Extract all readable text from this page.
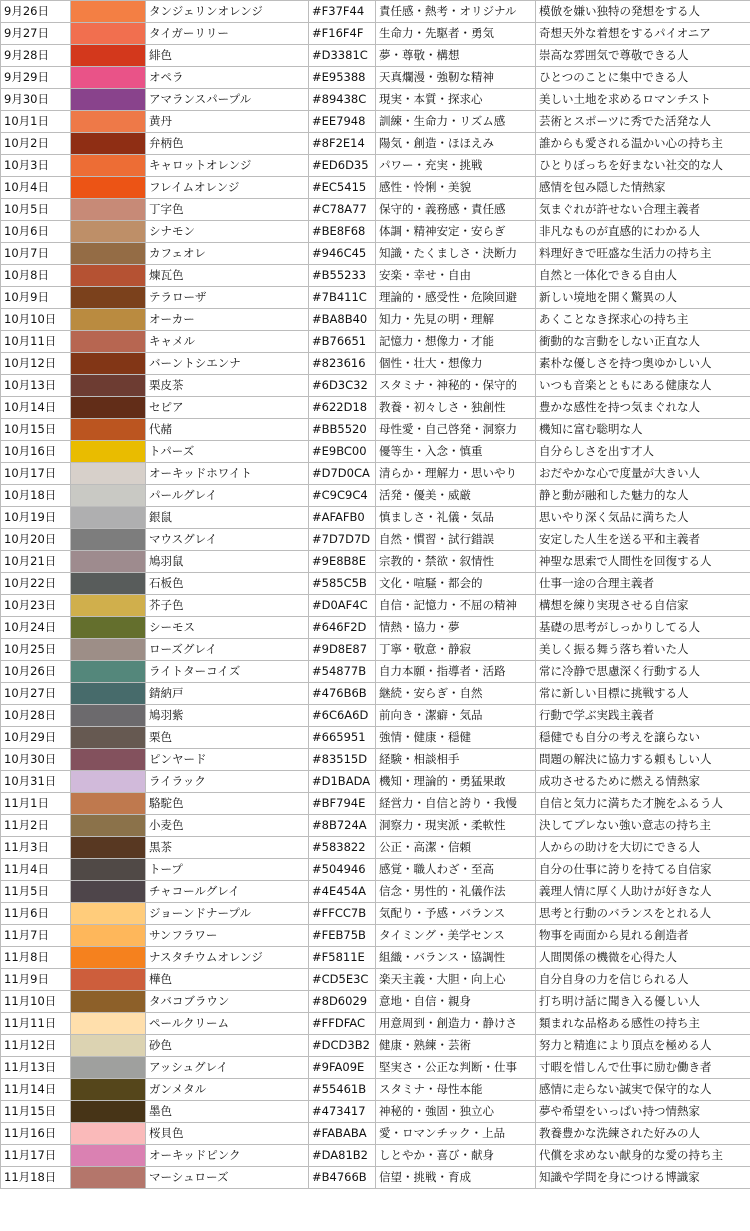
9月26日		タンジェリンオレンジ	#F37F44	責任感・熱考・オリジナル	模倣を嫌い独特の発想をする人
9月27日		タイガーリリー	#F16F4F	生命力・先駆者・勇気	奇想天外な着想をするパイオニア
9月28日		緋色	#D3381C	夢・尊敬・構想	崇高な雰囲気で尊敬できる人
9月29日		オペラ	#E95388	天真爛漫・強靭な精神	ひとつのことに集中できる人
9月30日		アマランスパープル	#89438C	現実・本質・探求心	美しい土地を求めるロマンチスト
10月1日		黄丹	#EE7948	訓練・生命力・リズム感	芸術とスポーツに秀でた活発な人
10月2日		弁柄色	#8F2E14	陽気・創造・ほほえみ	誰からも愛される温かい心の持ち主
10月3日		キャロットオレンジ	#ED6D35	パワー・充実・挑戦	ひとりぼっちを好まない社交的な人
10月4日		フレイムオレンジ	#EC5415	感性・怜悧・美貌	感情を包み隠した情熱家
10月5日		丁字色	#C78A77	保守的・義務感・責任感	気まぐれが許せない合理主義者
10月6日		シナモン	#BE8F68	体調・精神安定・安らぎ	非凡なものが直感的にわかる人
10月7日		カフェオレ	#946C45	知識・たくましさ・決断力	料理好きで旺盛な生活力の持ち主
10月8日		煉瓦色	#B55233	安楽・幸せ・自由	自然と一体化できる自由人
10月9日		テラローザ	#7B411C	理論的・感受性・危険回避	新しい境地を開く驚異の人
10月10日		オーカー	#BA8B40	知力・先見の明・理解	あくことなき探求心の持ち主
10月11日		キャメル	#B76651	記憶力・想像力・才能	衝動的な言動をしない正直な人
10月12日		バーントシエンナ	#823616	個性・壮大・想像力	素朴な優しさを持つ奥ゆかしい人
10月13日		栗皮茶	#6D3C32	スタミナ・神秘的・保守的	いつも音楽とともにある健康な人
10月14日		セピア	#622D18	教養・初々しさ・独創性	豊かな感性を持つ気まぐれな人
10月15日		代赭	#BB5520	母性愛・自己啓発・洞察力	機知に富む聡明な人
10月16日		トパーズ	#E9BC00	優等生・入念・慎重	自分らしさを出す才人
10月17日		オーキッドホワイト	#D7D0CA	清らか・理解力・思いやり	おだやかな心で度量が大きい人
10月18日		パールグレイ	#C9C9C4	活発・優美・威厳	静と動が融和した魅力的な人
10月19日		銀鼠	#AFAFB0	慎ましさ・礼儀・気品	思いやり深く気品に満ちた人
10月20日		マウスグレイ	#7D7D7D	自然・慣習・試行錯誤	安定した人生を送る平和主義者
10月21日		鳩羽鼠	#9E8B8E	宗教的・禁欲・叙情性	神聖な思索で人間性を回復する人
10月22日		石板色	#585C5B	文化・喧騒・都会的	仕事一途の合理主義者
10月23日		芥子色	#D0AF4C	自信・記憶力・不屈の精神	構想を練り実現させる自信家
10月24日		シーモス	#646F2D	情熱・協力・夢	基礎の思考がしっかりしてる人
10月25日		ローズグレイ	#9D8E87	丁寧・敬意・静寂	美しく振る舞う落ち着いた人
10月26日		ライトターコイズ	#54877B	自力本願・指導者・活路	常に冷静で思慮深く行動する人
10月27日		錆納戸	#476B6B	継続・安らぎ・自然	常に新しい目標に挑戦する人
10月28日		鳩羽紫	#6C6A6D	前向き・潔癖・気品	行動で学ぶ実践主義者
10月29日		栗色	#665951	強情・健康・穏健	穏健でも自分の考えを譲らない
10月30日		ピンヤード	#83515D	経験・相談相手	問題の解決に協力する頼もしい人
10月31日		ライラック	#D1BADA	機知・理論的・勇猛果敢	成功させるために燃える情熱家
11月1日		駱駝色	#BF794E	経営力・自信と誇り・我慢	自信と気力に満ちた才腕をふるう人
11月2日		小麦色	#8B724A	洞察力・現実派・柔軟性	決してブレない強い意志の持ち主
11月3日		黒茶	#583822	公正・高潔・信頼	人からの助けを大切にできる人
11月4日		トープ	#504946	感覚・職人わざ・至高	自分の仕事に誇りを持てる自信家
11月5日		チャコールグレイ	#4E454A	信念・男性的・礼儀作法	義理人情に厚く人助けが好きな人
11月6日		ジョーンドナープル	#FFCC7B	気配り・予感・バランス	思考と行動のバランスをとれる人
11月7日		サンフラワー	#FEB75B	タイミング・美学センス	物事を両面から見れる創造者
11月8日		ナスタチウムオレンジ	#F5811E	組織・バランス・協調性	人間関係の機微を心得た人
11月9日		樺色	#CD5E3C	楽天主義・大胆・向上心	自分自身の力を信じられる人
11月10日		タバコブラウン	#8D6029	意地・自信・親身	打ち明け話に聞き入る優しい人
11月11日		ペールクリーム	#FFDFAC	用意周到・創造力・静けさ	類まれな品格ある感性の持ち主
11月12日		砂色	#DCD3B2	健康・熟練・芸術	努力と精進により頂点を極める人
11月13日		アッシュグレイ	#9FA09E	堅実さ・公正な判断・仕事	寸暇を惜しんで仕事に励む働き者
11月14日		ガンメタル	#55461B	スタミナ・母性本能	感情に走らない誠実で保守的な人
11月15日		墨色	#473417	神秘的・強固・独立心	夢や希望をいっぱい持つ情熱家
11月16日		桜貝色	#FABABA	愛・ロマンチック・上品	教養豊かな洗練された好みの人
11月17日		オーキッドピンク	#DA81B2	しとやか・喜び・献身	代償を求めない献身的な愛の持ち主
11月18日		マーシュローズ	#B4766B	信望・挑戦・育成	知識や学問を身につける博識家
